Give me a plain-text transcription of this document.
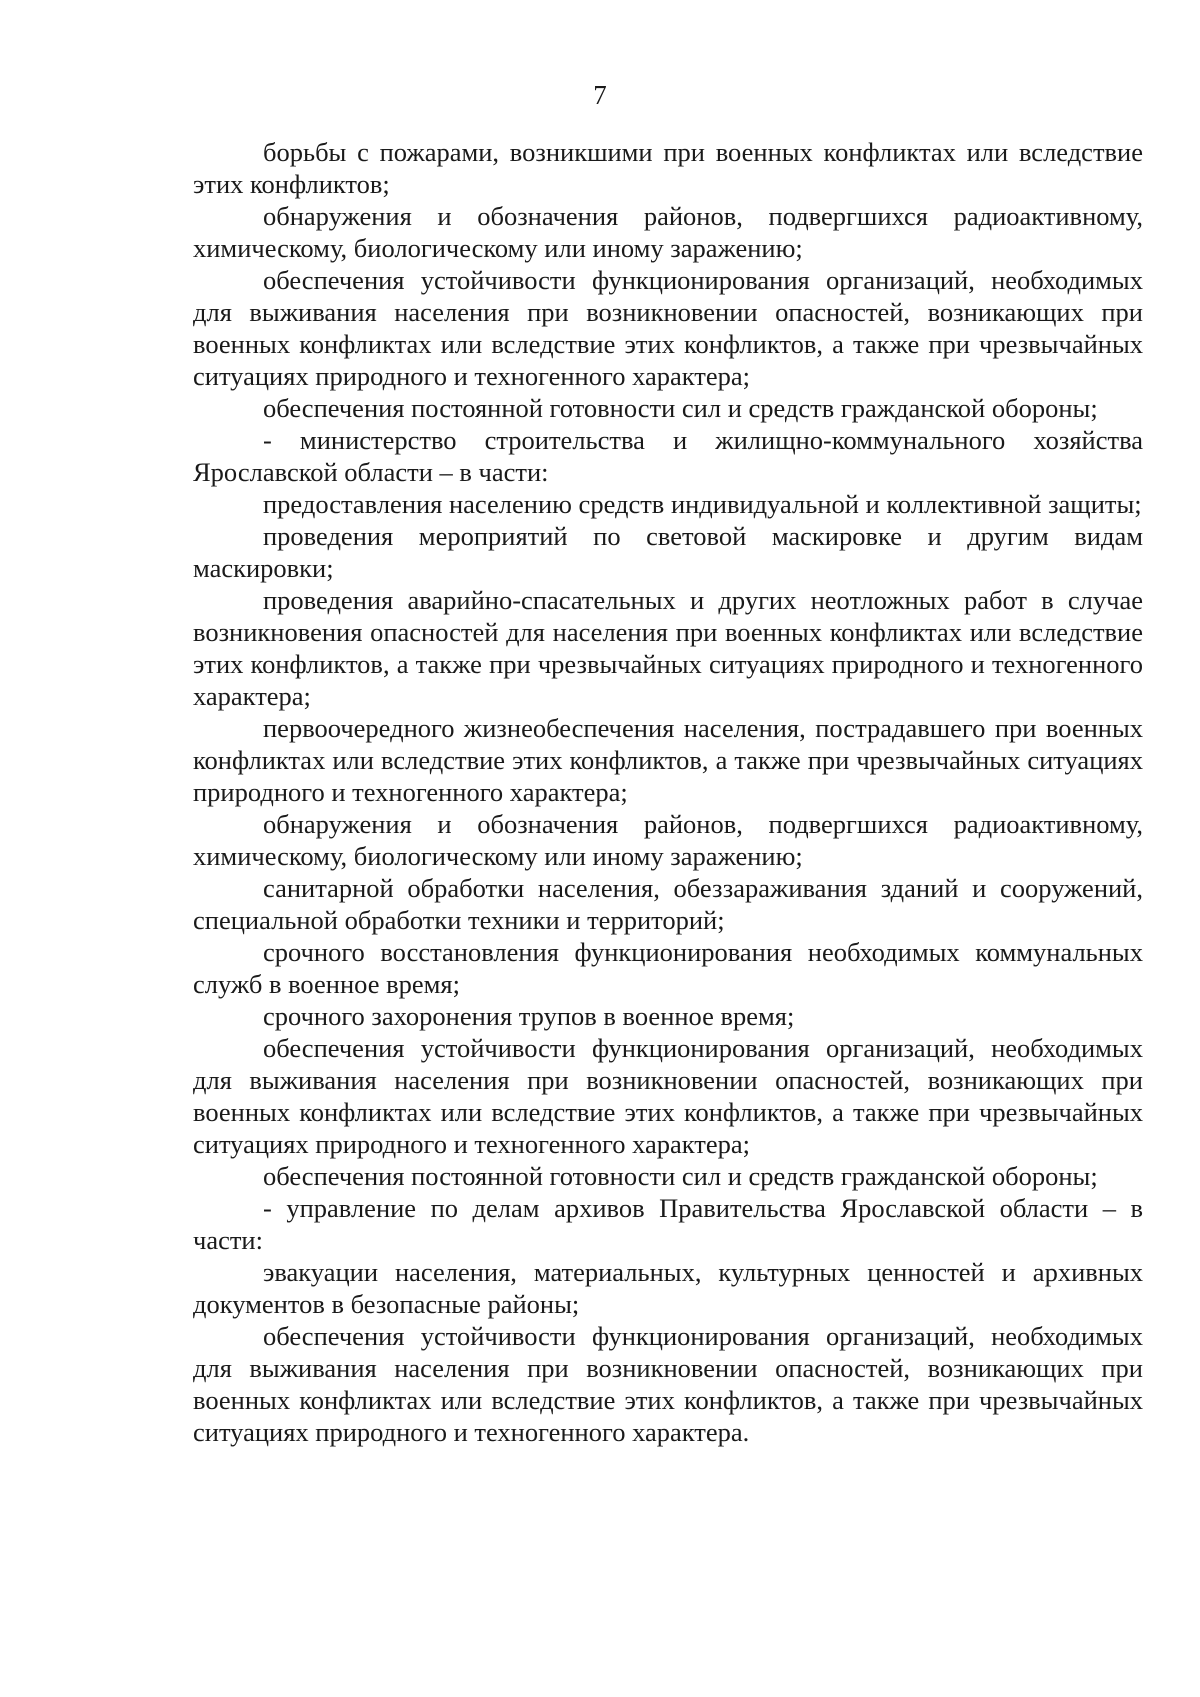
7

борьбы с пожарами, возникшими при военных конфликтах или вследствие этих конфликтов;

обнаружения и обозначения районов, подвергшихся радиоактивному, химическому, биологическому или иному заражению;

обеспечения устойчивости функционирования организаций, необходимых для выживания населения при возникновении опасностей, возникающих при военных конфликтах или вследствие этих конфликтов, а также при чрезвычайных ситуациях природного и техногенного характера;

обеспечения постоянной готовности сил и средств гражданской обороны;

- министерство строительства и жилищно-коммунального хозяйства Ярославской области – в части:

предоставления населению средств индивидуальной и коллективной защиты;

проведения мероприятий по световой маскировке и другим видам маскировки;

проведения аварийно-спасательных и других неотложных работ в случае возникновения опасностей для населения при военных конфликтах или вследствие этих конфликтов, а также при чрезвычайных ситуациях природного и техногенного характера;

первоочередного жизнеобеспечения населения, пострадавшего при военных конфликтах или вследствие этих конфликтов, а также при чрезвычайных ситуациях природного и техногенного характера;

обнаружения и обозначения районов, подвергшихся радиоактивному, химическому, биологическому или иному заражению;

санитарной обработки населения, обеззараживания зданий и сооружений, специальной обработки техники и территорий;

срочного восстановления функционирования необходимых коммунальных служб в военное время;

срочного захоронения трупов в военное время;

обеспечения устойчивости функционирования организаций, необходимых для выживания населения при возникновении опасностей, возникающих при военных конфликтах или вследствие этих конфликтов, а также при чрезвычайных ситуациях природного и техногенного характера;

обеспечения постоянной готовности сил и средств гражданской обороны;

- управление по делам архивов Правительства Ярославской области – в части:

эвакуации населения, материальных, культурных ценностей и архивных документов в безопасные районы;

обеспечения устойчивости функционирования организаций, необходимых для выживания населения при возникновении опасностей, возникающих при военных конфликтах или вследствие этих конфликтов, а также при чрезвычайных ситуациях природного и техногенного характера.
